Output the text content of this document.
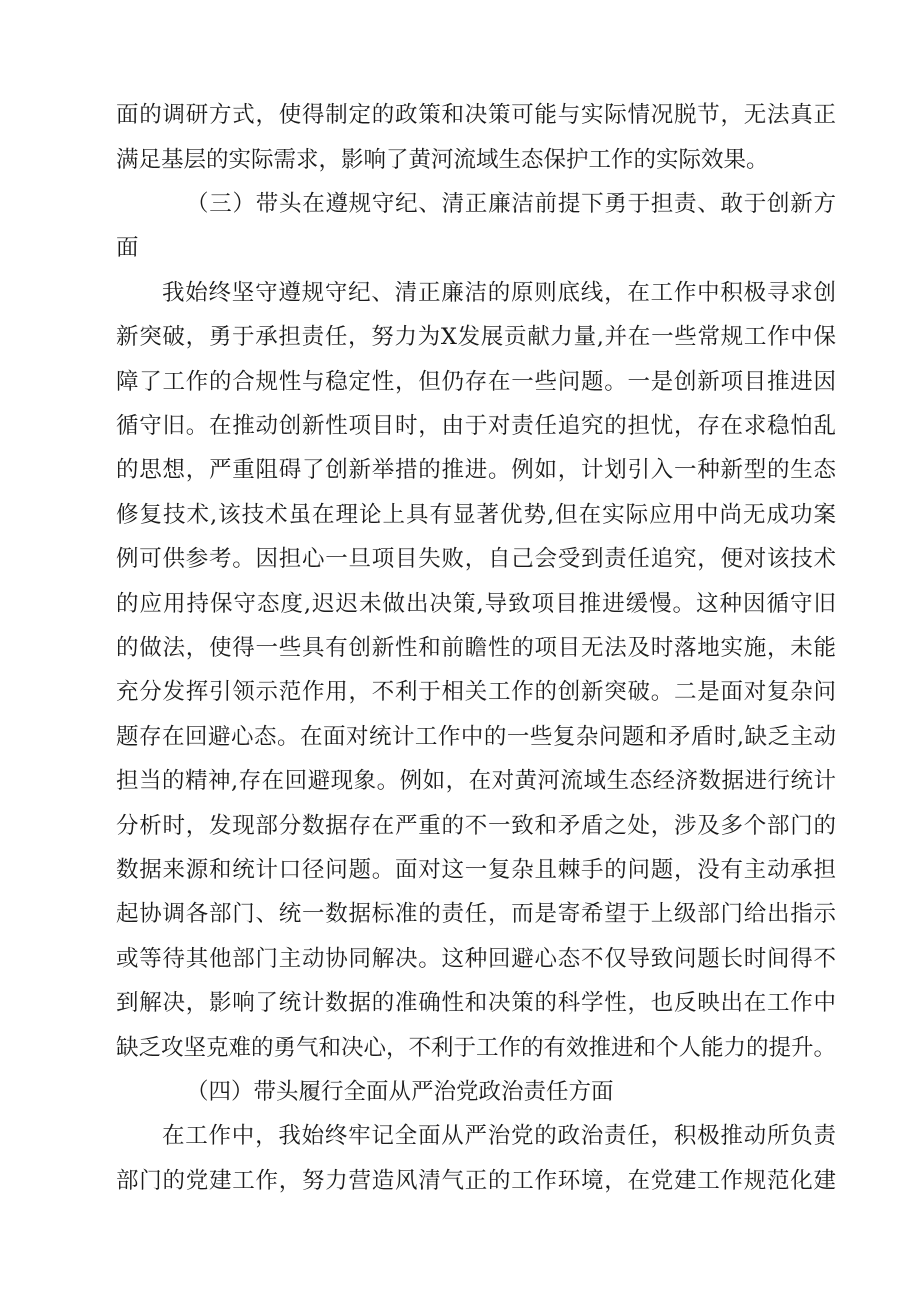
面的调研方式，使得制定的政策和决策可能与实际情况脱节，无法真正
满足基层的实际需求，影响了黄河流域生态保护工作的实际效果。
（三）带头在遵规守纪、清正廉洁前提下勇于担责、敢于创新方
面
我始终坚守遵规守纪、清正廉洁的原则底线，在工作中积极寻求创
新突破，勇于承担责任，努力为X发展贡献力量,并在一些常规工作中保
障了工作的合规性与稳定性，但仍存在一些问题。一是创新项目推进因
循守旧。在推动创新性项目时，由于对责任追究的担忧，存在求稳怕乱
的思想，严重阻碍了创新举措的推进。例如，计划引入一种新型的生态
修复技术,该技术虽在理论上具有显著优势,但在实际应用中尚无成功案
例可供参考。因担心一旦项目失败，自己会受到责任追究，便对该技术
的应用持保守态度,迟迟未做出决策,导致项目推进缓慢。这种因循守旧
的做法，使得一些具有创新性和前瞻性的项目无法及时落地实施，未能
充分发挥引领示范作用，不利于相关工作的创新突破。二是面对复杂问
题存在回避心态。在面对统计工作中的一些复杂问题和矛盾时,缺乏主动
担当的精神,存在回避现象。例如，在对黄河流域生态经济数据进行统计
分析时，发现部分数据存在严重的不一致和矛盾之处，涉及多个部门的
数据来源和统计口径问题。面对这一复杂且棘手的问题，没有主动承担
起协调各部门、统一数据标准的责任，而是寄希望于上级部门给出指示
或等待其他部门主动协同解决。这种回避心态不仅导致问题长时间得不
到解决，影响了统计数据的准确性和决策的科学性，也反映出在工作中
缺乏攻坚克难的勇气和决心，不利于工作的有效推进和个人能力的提升。
（四）带头履行全面从严治党政治责任方面
在工作中，我始终牢记全面从严治党的政治责任，积极推动所负责
部门的党建工作，努力营造风清气正的工作环境，在党建工作规范化建
